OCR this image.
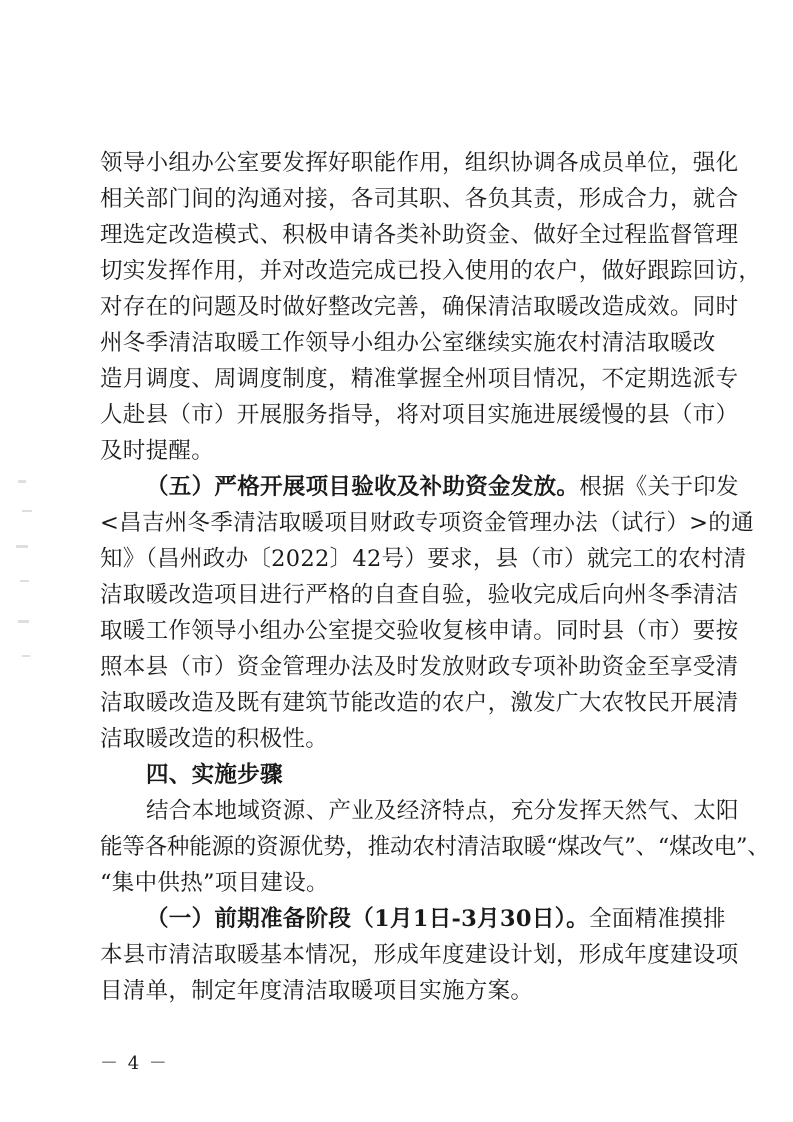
领导小组办公室要发挥好职能作用，组织协调各成员单位，强化
相关部门间的沟通对接，各司其职、各负其责，形成合力，就合
理选定改造模式、积极申请各类补助资金、做好全过程监督管理
切实发挥作用，并对改造完成已投入使用的农户，做好跟踪回访，
对存在的问题及时做好整改完善，确保清洁取暖改造成效。同时
州冬季清洁取暖工作领导小组办公室继续实施农村清洁取暖改
造月调度、周调度制度，精准掌握全州项目情况，不定期选派专
人赴县（市）开展服务指导，将对项目实施进展缓慢的县（市）
及时提醒。
（五）严格开展项目验收及补助资金发放。根据《关于印发
<昌吉州冬季清洁取暖项目财政专项资金管理办法（试行）>的通
知》（昌州政办〔2022〕42号）要求，县（市）就完工的农村清
洁取暖改造项目进行严格的自查自验，验收完成后向州冬季清洁
取暖工作领导小组办公室提交验收复核申请。同时县（市）要按
照本县（市）资金管理办法及时发放财政专项补助资金至享受清
洁取暖改造及既有建筑节能改造的农户，激发广大农牧民开展清
洁取暖改造的积极性。
四、实施步骤
结合本地域资源、产业及经济特点，充分发挥天然气、太阳
能等各种能源的资源优势，推动农村清洁取暖“煤改气”、“煤改电”、
“集中供热”项目建设。
（一）前期准备阶段（1月1日-3月30日）。全面精准摸排
本县市清洁取暖基本情况，形成年度建设计划，形成年度建设项
目清单，制定年度清洁取暖项目实施方案。
－ 4 －
